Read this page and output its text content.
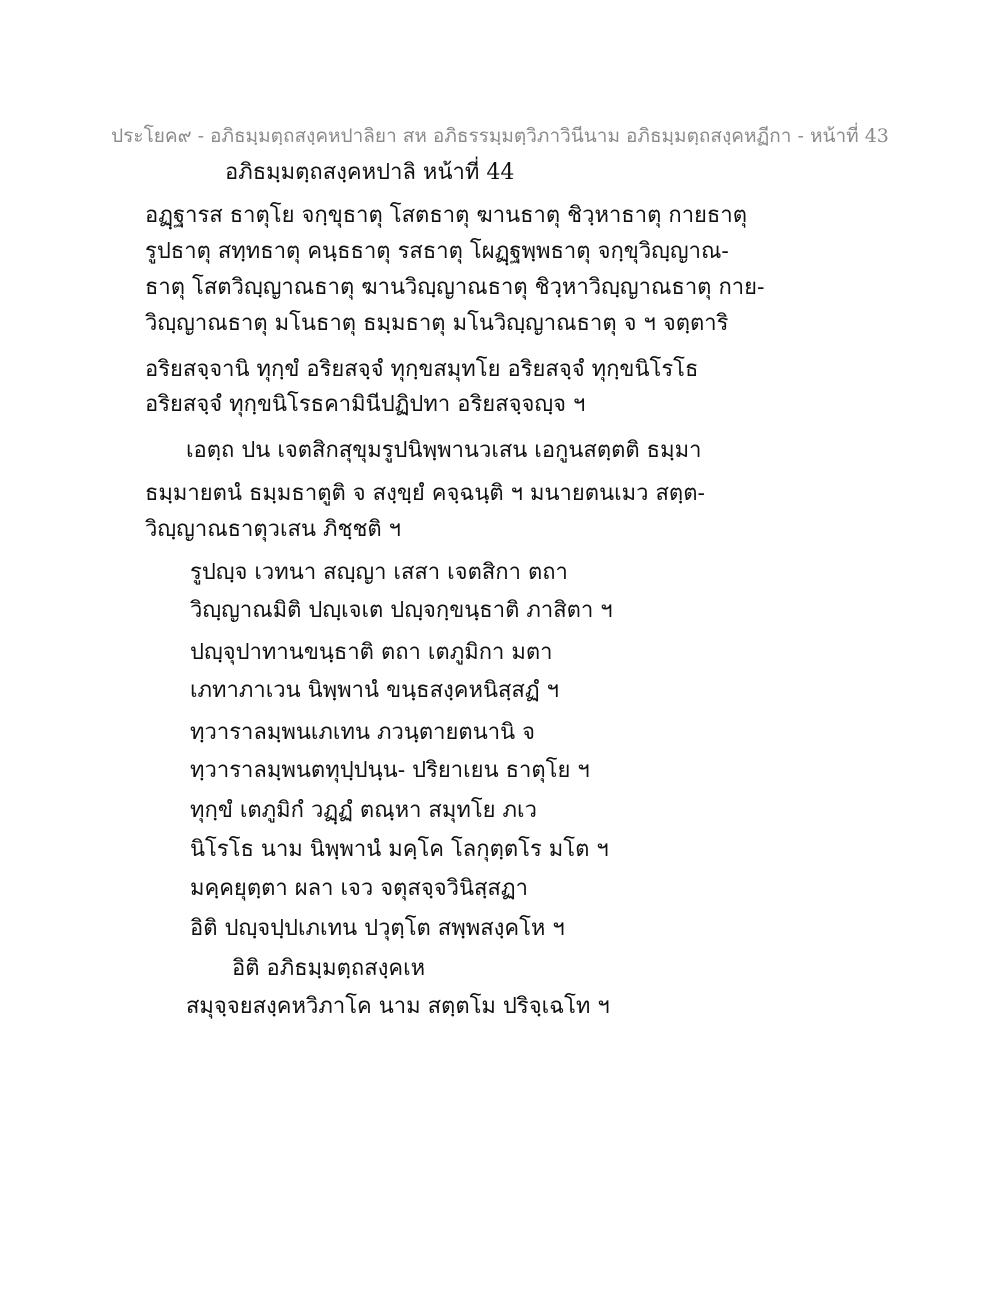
ประโยค๙ - อภิธมฺมตฺถสงฺคหปาลิยา สห อภิธรรมฺมตฺวิภาวินีนาม อภิธมฺมตฺถสงฺคหฏีกา - หน้าที่ 43
อภิธมฺมตฺถสงฺคหปาลิ หน้าที่ 44
อฏฺฐารส ธาตุโย จกฺขุธาตุ โสตธาตุ ฆานธาตุ ชิวฺหาธาตุ กายธาตุ
รูปธาตุ สทฺทธาตุ คนฺธธาตุ รสธาตุ โผฏฺฐพฺพธาตุ จกฺขุวิญฺญาณ-
ธาตุ โสตวิญฺญาณธาตุ ฆานวิญฺญาณธาตุ ชิวฺหาวิญฺญาณธาตุ กาย-
วิญฺญาณธาตุ มโนธาตุ ธมฺมธาตุ มโนวิญฺญาณธาตุ จ ฯ จตฺตาริ
อริยสจฺจานิ ทุกฺขํ อริยสจฺจํ ทุกฺขสมุทโย อริยสจฺจํ ทุกฺขนิโรโธ
อริยสจฺจํ ทุกฺขนิโรธคามินีปฏิปทา อริยสจฺจญฺจ ฯ
เอตฺถ ปน เจตสิกสุขุมรูปนิพฺพานวเสน เอกูนสตฺตติ ธมฺมา
ธมฺมายตนํ ธมฺมธาตูติ จ สงฺขฺยํ คจฺฉนฺติ ฯ มนายตนเมว สตฺต-
วิญฺญาณธาตุวเสน ภิชฺชติ ฯ
รูปญฺจ เวทนา สญฺญา เสสา เจตสิกา ตถา
วิญฺญาณมิติ ปญฺเจเต ปญฺจกฺขนฺธาติ ภาสิตา ฯ
ปญฺจุปาทานขนฺธาติ ตถา เตภูมิกา มตา
เภทาภาเวน นิพฺพานํ ขนฺธสงฺคหนิสฺสฏํ ฯ
ทฺวาราลมฺพนเภเทน ภวนฺตายตนานิ จ
ทฺวาราลมฺพนตทุปฺปนฺน- ปริยาเยน ธาตุโย ฯ
ทุกฺขํ เตภูมิกํ วฏฺฏํ ตณฺหา สมุทโย ภเว
นิโรโธ นาม นิพฺพานํ มคฺโค โลกุตฺตโร มโต ฯ
มคฺคยุตฺตา ผลา เจว จตุสจฺจวินิสฺสฏา
อิติ ปญฺจปฺปเภเทน ปวุตฺโต สพฺพสงฺคโห ฯ
อิติ อภิธมฺมตฺถสงฺคเห
สมุจฺจยสงฺคหวิภาโค นาม สตฺตโม ปริจฺเฉโท ฯ
